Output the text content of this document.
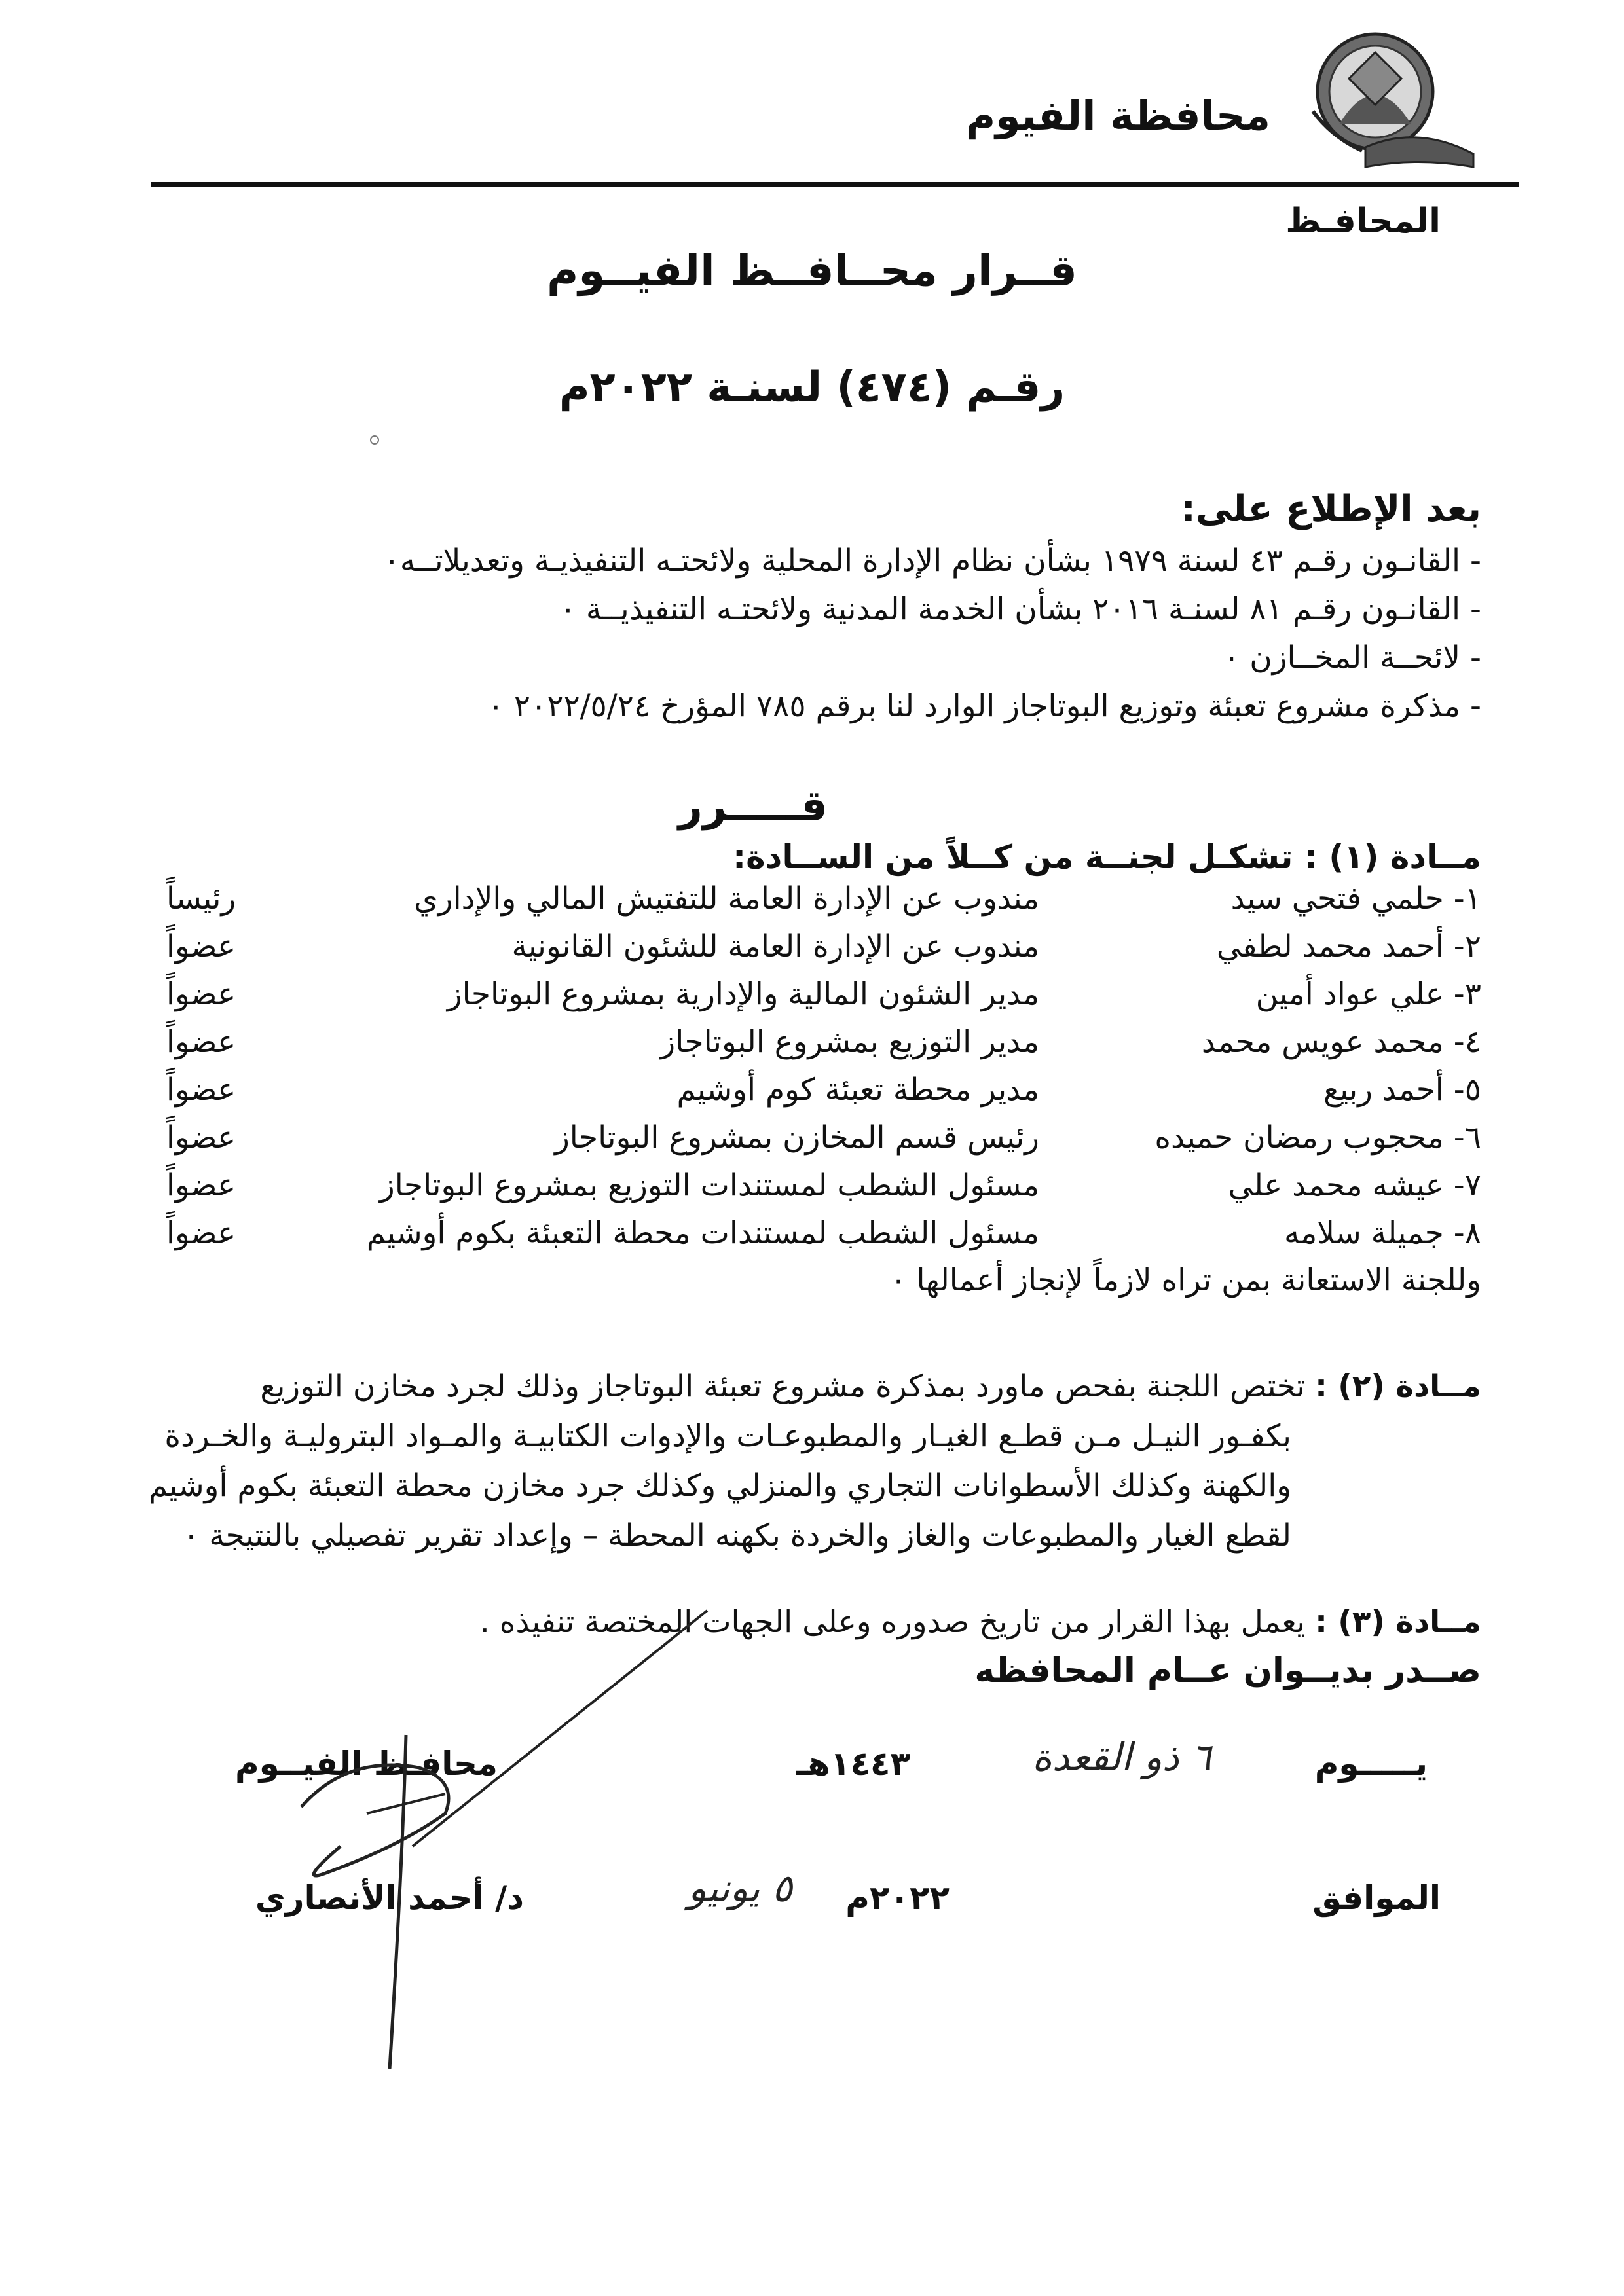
محافظة الفيوم
المحافـظ
قــرار محــافــظ الفيــوم
رقـم (٤٧٤) لسنـة ٢٠٢٢م
بعد الإطلاع على:
- القانـون رقـم ٤٣ لسنة ١٩٧٩ بشأن نظام الإدارة المحلية ولائحتـه التنفيذيـة وتعديلاتــه٠
- القانـون رقـم ٨١ لسنـة ٢٠١٦ بشأن الخدمة المدنية ولائحتـه التنفيذيــة ٠
- لائحــة المخــازن ٠
- مذكرة مشروع تعبئة وتوزيع البوتاجاز الوارد لنا برقم ٧٨٥ المؤرخ ٢٠٢٢/٥/٢٤ ٠
قـــــرر
مــادة (١) : تشكـل لجنــة من كــلاً من الســادة:
١- حلمي فتحي سيد
مندوب عن الإدارة العامة للتفتيش المالي والإداري
رئيساً
٢- أحمد محمد لطفي
مندوب عن الإدارة العامة للشئون القانونية
عضواً
٣- علي عواد أمين
مدير الشئون المالية والإدارية بمشروع البوتاجاز
عضواً
٤- محمد عويس محمد
مدير التوزيع بمشروع البوتاجاز
عضواً
٥- أحمد ربيع
مدير محطة تعبئة كوم أوشيم
عضواً
٦- محجوب رمضان حميده
رئيس قسم المخازن بمشروع البوتاجاز
عضواً
٧- عيشه محمد علي
مسئول الشطب لمستندات التوزيع بمشروع البوتاجاز
عضواً
٨- جميلة سلامه
مسئول الشطب لمستندات محطة التعبئة بكوم أوشيم
عضواً
وللجنة الاستعانة بمن تراه لازماً لإنجاز أعمالها ٠
مــادة (٢) : تختص اللجنة بفحص ماورد بمذكرة مشروع تعبئة البوتاجاز وذلك لجرد مخازن التوزيع
بكفـور النيـل مـن قطـع الغيـار والمطبوعـات والإدوات الكتابيـة والمـواد البتروليـة والخـردة
والكهنة وكذلك الأسطوانات التجاري والمنزلي وكذلك جرد مخازن محطة التعبئة بكوم أوشيم
لقطع الغيار والمطبوعات والغاز والخردة بكهنه المحطة – وإعداد تقرير تفصيلي بالنتيجة ٠
مــادة (٣) : يعمل بهذا القرار من تاريخ صدوره وعلى الجهات المختصة تنفيذه .
صــدر بديــوان عــام المحافظه
يـــــوم
٦ ذو القعدة
١٤٤٣هـ
محافـظ الفيــوم
الموافق
٥ يونيو ٢٠٢٢م
د/ أحمد الأنصاري
